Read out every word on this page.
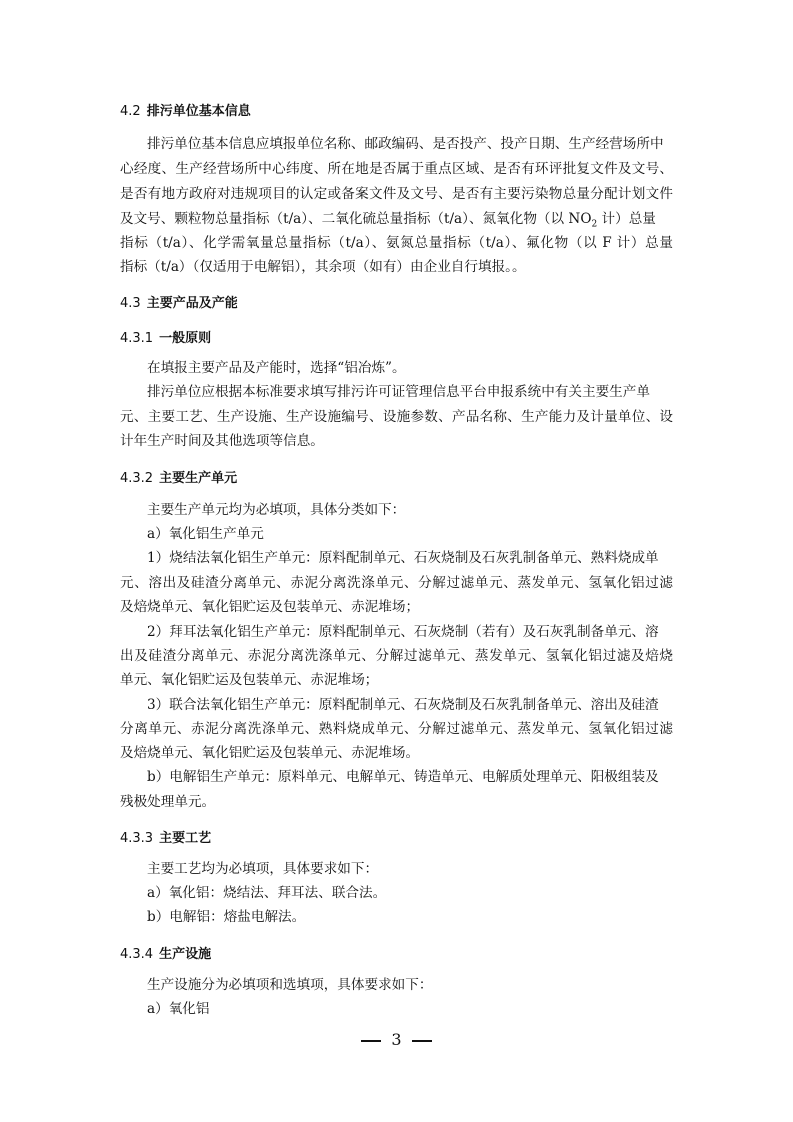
4.2 排污单位基本信息
排污单位基本信息应填报单位名称、邮政编码、是否投产、投产日期、生产经营场所中
心经度、生产经营场所中心纬度、所在地是否属于重点区域、是否有环评批复文件及文号、
是否有地方政府对违规项目的认定或备案文件及文号、是否有主要污染物总量分配计划文件
及文号、颗粒物总量指标（t/a）、二氧化硫总量指标（t/a）、氮氧化物（以 $NO_2$ 计）总量
指标（t/a）、化学需氧量总量指标（t/a）、氨氮总量指标（t/a）、氟化物（以 F 计）总量
指标（t/a）（仅适用于电解铝），其余项（如有）由企业自行填报。。
4.3 主要产品及产能
4.3.1 一般原则
在填报主要产品及产能时，选择“铝冶炼”。
排污单位应根据本标准要求填写排污许可证管理信息平台申报系统中有关主要生产单
元、主要工艺、生产设施、生产设施编号、设施参数、产品名称、生产能力及计量单位、设
计年生产时间及其他选项等信息。
4.3.2 主要生产单元
主要生产单元均为必填项，具体分类如下：
a）氧化铝生产单元
1）烧结法氧化铝生产单元：原料配制单元、石灰烧制及石灰乳制备单元、熟料烧成单
元、溶出及硅渣分离单元、赤泥分离洗涤单元、分解过滤单元、蒸发单元、氢氧化铝过滤
及焙烧单元、氧化铝贮运及包装单元、赤泥堆场；
2）拜耳法氧化铝生产单元：原料配制单元、石灰烧制（若有）及石灰乳制备单元、溶
出及硅渣分离单元、赤泥分离洗涤单元、分解过滤单元、蒸发单元、氢氧化铝过滤及焙烧
单元、氧化铝贮运及包装单元、赤泥堆场；
3）联合法氧化铝生产单元：原料配制单元、石灰烧制及石灰乳制备单元、溶出及硅渣
分离单元、赤泥分离洗涤单元、熟料烧成单元、分解过滤单元、蒸发单元、氢氧化铝过滤
及焙烧单元、氧化铝贮运及包装单元、赤泥堆场。
b）电解铝生产单元：原料单元、电解单元、铸造单元、电解质处理单元、阳极组装及
残极处理单元。
4.3.3 主要工艺
主要工艺均为必填项，具体要求如下：
a）氧化铝：烧结法、拜耳法、联合法。
b）电解铝：熔盐电解法。
4.3.4 生产设施
生产设施分为必填项和选填项，具体要求如下：
a）氧化铝
3
